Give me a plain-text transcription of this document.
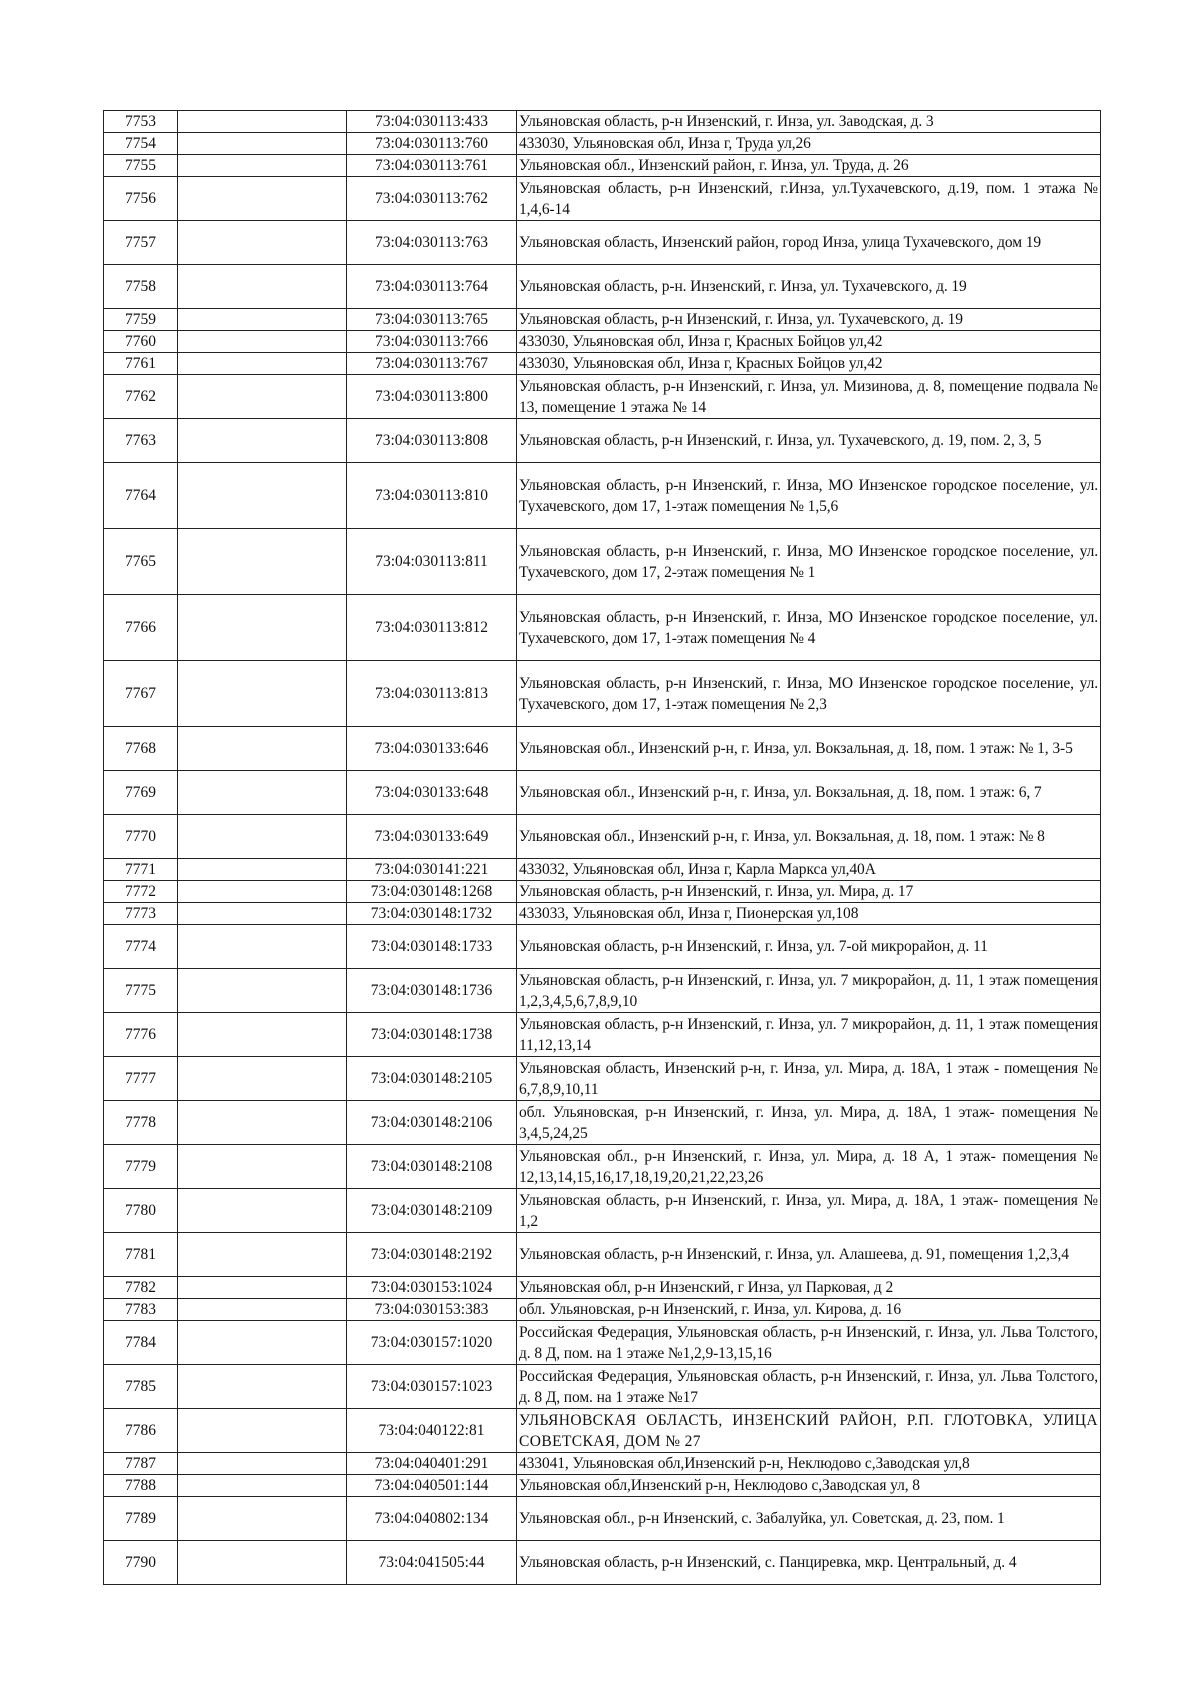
7753		73:04:030113:433	Ульяновская область, р-н Инзенский, г. Инза, ул. Заводская, д. 3
7754		73:04:030113:760	433030, Ульяновская обл, Инза г, Труда ул,26
7755		73:04:030113:761	Ульяновская обл., Инзенский район, г. Инза, ул. Труда, д. 26
7756		73:04:030113:762	Ульяновская область, р-н Инзенский, г.Инза, ул.Тухачевского, д.19, пом. 1 этажа № 1,4,6-14
7757		73:04:030113:763	Ульяновская область, Инзенский район, город Инза, улица Тухачевского, дом 19
7758		73:04:030113:764	Ульяновская область, р-н. Инзенский, г. Инза, ул. Тухачевского, д. 19
7759		73:04:030113:765	Ульяновская область, р-н Инзенский, г. Инза, ул. Тухачевского, д. 19
7760		73:04:030113:766	433030, Ульяновская обл, Инза г, Красных Бойцов ул,42
7761		73:04:030113:767	433030, Ульяновская обл, Инза г, Красных Бойцов ул,42
7762		73:04:030113:800	Ульяновская область, р-н Инзенский, г. Инза, ул. Мизинова, д. 8, помещение подвала № 13, помещение 1 этажа № 14
7763		73:04:030113:808	Ульяновская область, р-н Инзенский, г. Инза, ул. Тухачевского, д. 19, пом. 2, 3, 5
7764		73:04:030113:810	Ульяновская область, р-н Инзенский, г. Инза, МО Инзенское городское поселение, ул. Тухачевского, дом 17, 1-этаж помещения № 1,5,6
7765		73:04:030113:811	Ульяновская область, р-н Инзенский, г. Инза, МО Инзенское городское поселение, ул. Тухачевского, дом 17, 2-этаж помещения № 1
7766		73:04:030113:812	Ульяновская область, р-н Инзенский, г. Инза, МО Инзенское городское поселение, ул. Тухачевского, дом 17, 1-этаж помещения № 4
7767		73:04:030113:813	Ульяновская область, р-н Инзенский, г. Инза, МО Инзенское городское поселение, ул. Тухачевского, дом 17, 1-этаж помещения № 2,3
7768		73:04:030133:646	Ульяновская обл., Инзенский р-н, г. Инза, ул. Вокзальная, д. 18, пом. 1 этаж: № 1, 3-5
7769		73:04:030133:648	Ульяновская обл., Инзенский р-н, г. Инза, ул. Вокзальная, д. 18, пом. 1 этаж: 6, 7
7770		73:04:030133:649	Ульяновская обл., Инзенский р-н, г. Инза, ул. Вокзальная, д. 18, пом. 1 этаж: № 8
7771		73:04:030141:221	433032, Ульяновская обл, Инза г, Карла Маркса ул,40А
7772		73:04:030148:1268	Ульяновская область, р-н Инзенский, г. Инза, ул. Мира, д. 17
7773		73:04:030148:1732	433033, Ульяновская обл, Инза г, Пионерская ул,108
7774		73:04:030148:1733	Ульяновская область, р-н Инзенский, г. Инза, ул. 7-ой микрорайон, д. 11
7775		73:04:030148:1736	Ульяновская область, р-н Инзенский, г. Инза, ул. 7 микрорайон, д. 11, 1 этаж помещения 1,2,3,4,5,6,7,8,9,10
7776		73:04:030148:1738	Ульяновская область, р-н Инзенский, г. Инза, ул. 7 микрорайон, д. 11, 1 этаж помещения 11,12,13,14
7777		73:04:030148:2105	Ульяновская область, Инзенский р-н, г. Инза, ул. Мира, д. 18А, 1 этаж - помещения № 6,7,8,9,10,11
7778		73:04:030148:2106	обл. Ульяновская, р-н Инзенский, г. Инза, ул. Мира, д. 18А, 1 этаж- помещения № 3,4,5,24,25
7779		73:04:030148:2108	Ульяновская обл., р-н Инзенский, г. Инза, ул. Мира, д. 18 А, 1 этаж- помещения № 12,13,14,15,16,17,18,19,20,21,22,23,26
7780		73:04:030148:2109	Ульяновская область, р-н Инзенский, г. Инза, ул. Мира, д. 18А, 1 этаж- помещения № 1,2
7781		73:04:030148:2192	Ульяновская область, р-н Инзенский, г. Инза, ул. Алашеева, д. 91, помещения 1,2,3,4
7782		73:04:030153:1024	Ульяновская обл, р-н Инзенский, г Инза, ул Парковая, д 2
7783		73:04:030153:383	обл. Ульяновская, р-н Инзенский, г. Инза, ул. Кирова, д. 16
7784		73:04:030157:1020	Российская Федерация, Ульяновская область, р-н Инзенский, г. Инза, ул. Льва Толстого, д. 8 Д, пом. на 1 этаже №1,2,9-13,15,16
7785		73:04:030157:1023	Российская Федерация, Ульяновская область, р-н Инзенский, г. Инза, ул. Льва Толстого, д. 8 Д, пом. на 1 этаже №17
7786		73:04:040122:81	УЛЬЯНОВСКАЯ ОБЛАСТЬ, ИНЗЕНСКИЙ РАЙОН, Р.П. ГЛОТОВКА, УЛИЦА СОВЕТСКАЯ, ДОМ № 27
7787		73:04:040401:291	433041, Ульяновская обл,Инзенский р-н, Неклюдово с,Заводская ул,8
7788		73:04:040501:144	Ульяновская обл,Инзенский р-н, Неклюдово с,Заводская ул, 8
7789		73:04:040802:134	Ульяновская обл., р-н Инзенский, с. Забалуйка, ул. Советская, д. 23, пом. 1
7790		73:04:041505:44	Ульяновская область, р-н Инзенский, с. Панциревка, мкр. Центральный, д. 4
